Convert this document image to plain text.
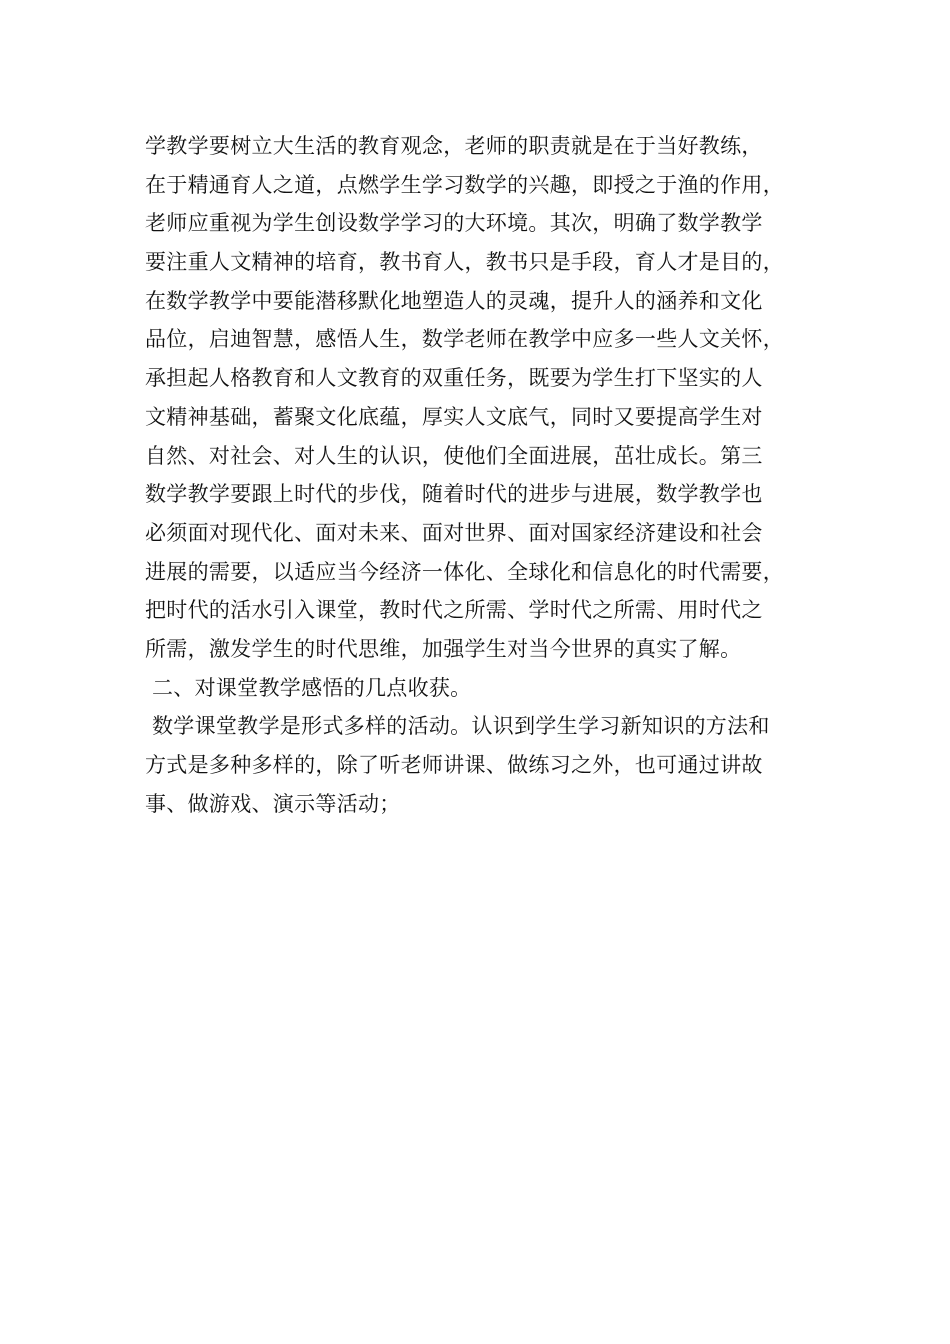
学教学要树立大生活的教育观念，老师的职责就是在于当好教练，
在于精通育人之道，点燃学生学习数学的兴趣，即授之于渔的作用，
老师应重视为学生创设数学学习的大环境。其次，明确了数学教学
要注重人文精神的培育，教书育人，教书只是手段，育人才是目的，
在数学教学中要能潜移默化地塑造人的灵魂，提升人的涵养和文化
品位，启迪智慧，感悟人生，数学老师在教学中应多一些人文关怀，
承担起人格教育和人文教育的双重任务，既要为学生打下坚实的人
文精神基础，蓄聚文化底蕴，厚实人文底气，同时又要提高学生对
自然、对社会、对人生的认识，使他们全面进展，茁壮成长。第三
数学教学要跟上时代的步伐，随着时代的进步与进展，数学教学也
必须面对现代化、面对未来、面对世界、面对国家经济建设和社会
进展的需要，以适应当今经济一体化、全球化和信息化的时代需要，
把时代的活水引入课堂，教时代之所需、学时代之所需、用时代之
所需，激发学生的时代思维，加强学生对当今世界的真实了解。
二、对课堂教学感悟的几点收获。
数学课堂教学是形式多样的活动。认识到学生学习新知识的方法和
方式是多种多样的，除了听老师讲课、做练习之外，也可通过讲故
事、做游戏、演示等活动；
